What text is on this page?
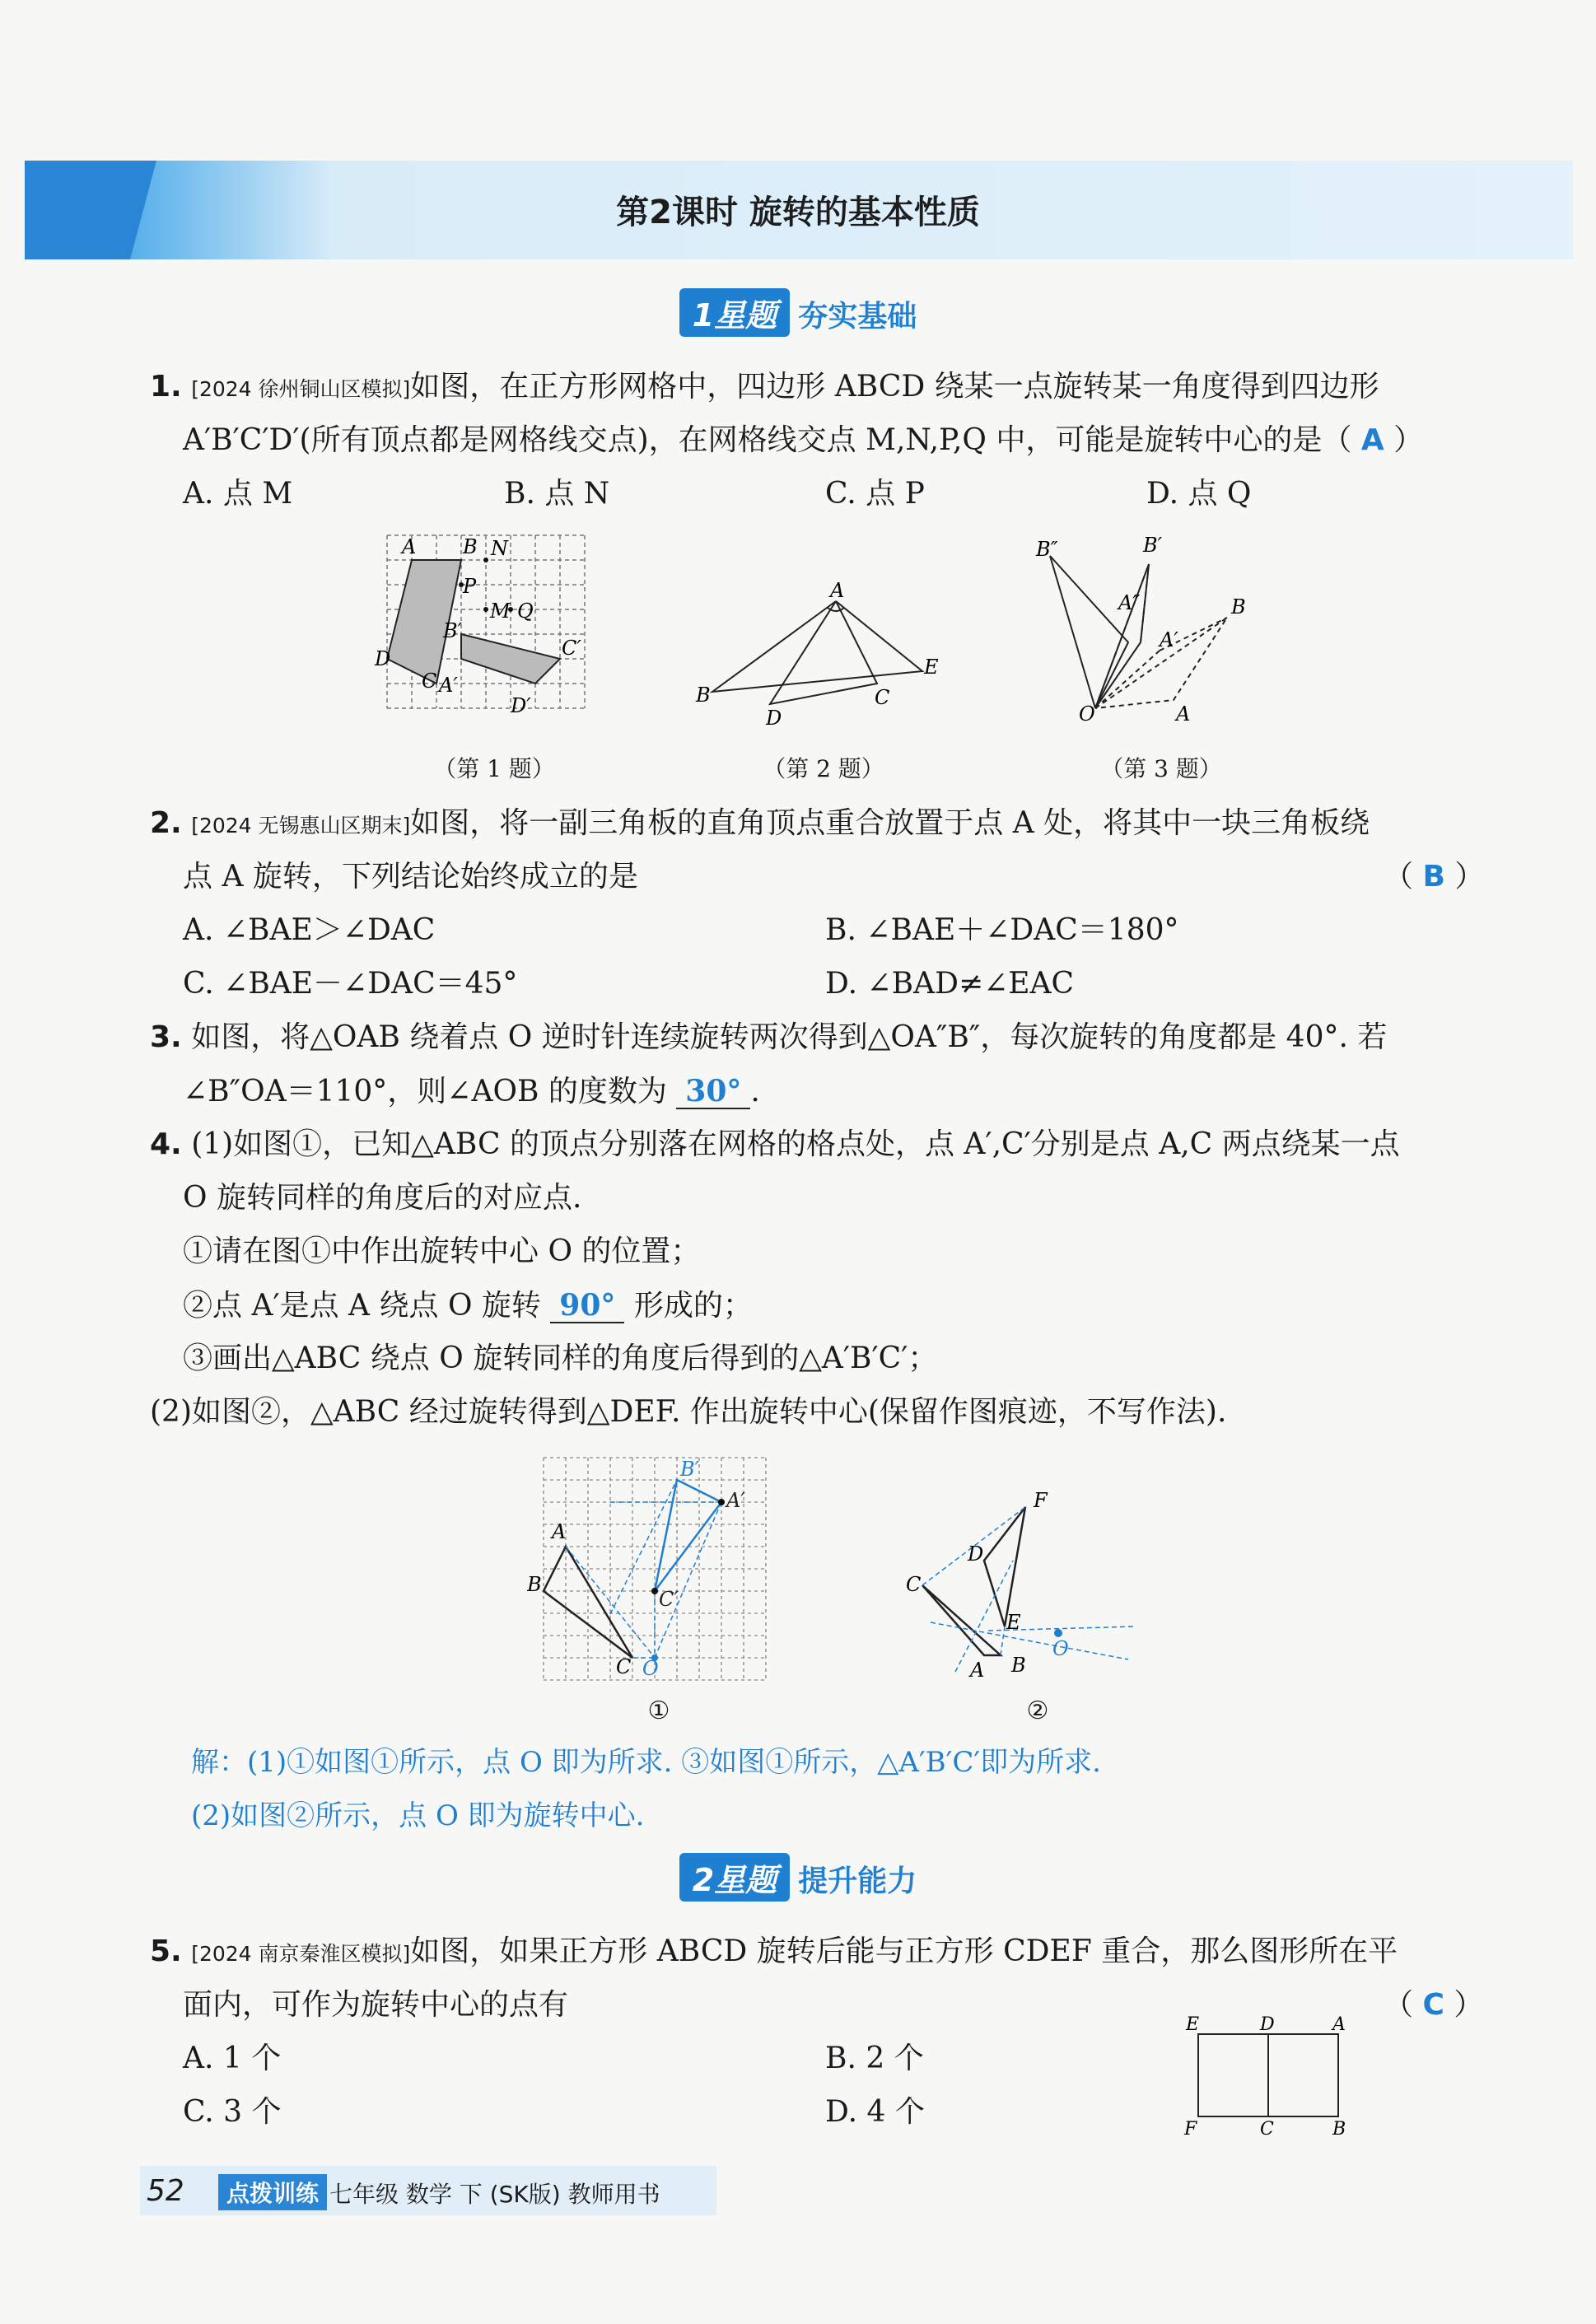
第2课时 旋转的基本性质
1星题 夯实基础
1. [2024 徐州铜山区模拟]如图，在正方形网格中，四边形 ABCD 绕某一点旋转某一角度得到四边形
A′B′C′D′(所有顶点都是网格线交点)，在网格线交点 M,N,P,Q 中，可能是旋转中心的是（ A ）
A. 点 M	B. 点 N	C. 点 P	D. 点 Q
A B N
P
M Q
D
B′
C A′
C′
D′
A
B
D
C
E
B″	B′
A″
A′
B
O	A
（第 1 题）	（第 2 题）	（第 3 题）
2. [2024 无锡惠山区期末]如图，将一副三角板的直角顶点重合放置于点 A 处，将其中一块三角板绕
点 A 旋转，下列结论始终成立的是	（ B ）
A. ∠BAE＞∠DAC	B. ∠BAE＋∠DAC＝180°
C. ∠BAE－∠DAC＝45°	D. ∠BAD≠∠EAC
3. 如图，将△OAB 绕着点 O 逆时针连续旋转两次得到△OA″B″，每次旋转的角度都是 40°. 若
∠B″OA＝110°，则∠AOB 的度数为 30° .
4. (1)如图①，已知△ABC 的顶点分别落在网格的格点处，点 A′,C′分别是点 A,C 两点绕某一点
O 旋转同样的角度后的对应点.
①请在图①中作出旋转中心 O 的位置；
②点 A′是点 A 绕点 O 旋转 90° 形成的；
③画出△ABC 绕点 O 旋转同样的角度后得到的△A′B′C′；
(2)如图②，△ABC 经过旋转得到△DEF. 作出旋转中心(保留作图痕迹，不写作法).
A
B
C
A′
B′
C′
O
①
F
D
C
E
A B
O
②
解：(1)①如图①所示，点 O 即为所求. ③如图①所示，△A′B′C′即为所求.
(2)如图②所示，点 O 即为旋转中心.
2星题 提升能力
5. [2024 南京秦淮区模拟]如图，如果正方形 ABCD 旋转后能与正方形 CDEF 重合，那么图形所在平
面内，可作为旋转中心的点有	（ C ）
A. 1 个	B. 2 个
C. 3 个	D. 4 个
E	D	A
F	C	B
52	点拨训练 七年级 数学 下 (SK版) 教师用书
